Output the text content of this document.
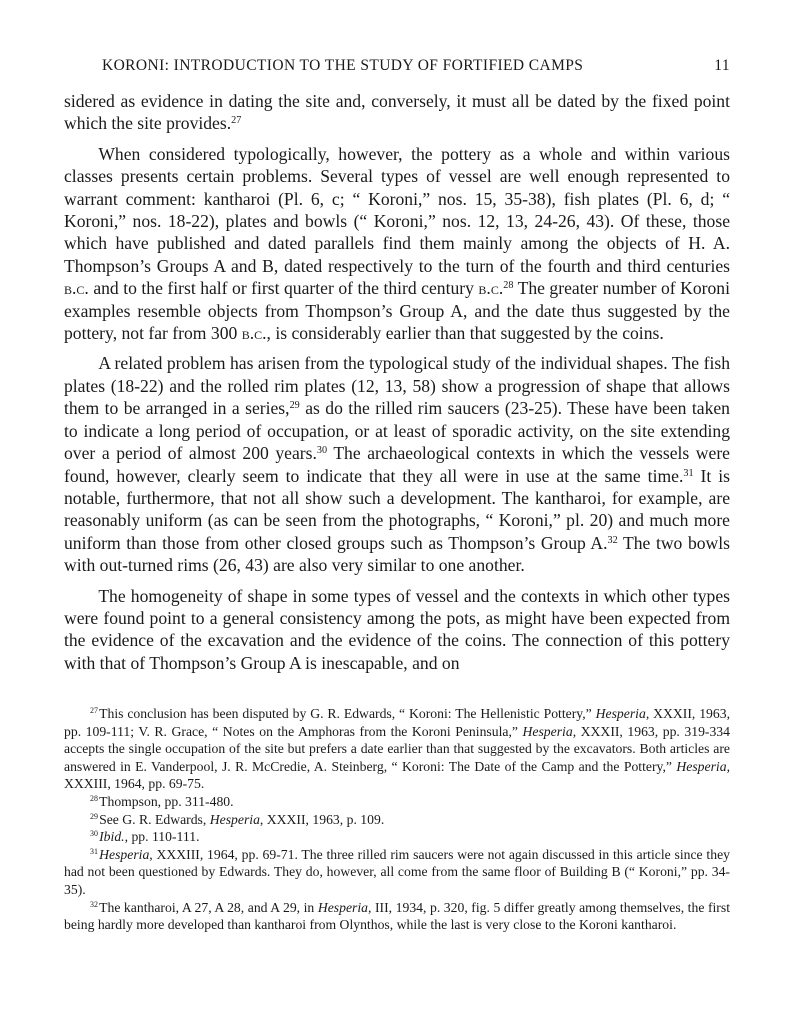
KORONI: INTRODUCTION TO THE STUDY OF FORTIFIED CAMPS	11

sidered as evidence in dating the site and, conversely, it must all be dated by the fixed point which the site provides.$^{27}$

When considered typologically, however, the pottery as a whole and within various classes presents certain problems. Several types of vessel are well enough represented to warrant comment: kantharoi (Pl. 6, c; “ Koroni,” nos. 15, 35-38), fish plates (Pl. 6, d; “ Koroni,” nos. 18-22), plates and bowls (“ Koroni,” nos. 12, 13, 24-26, 43). Of these, those which have published and dated parallels find them mainly among the objects of H. A. Thompson’s Groups A and B, dated respectively to the turn of the fourth and third centuries b.c. and to the first half or first quarter of the third century b.c.$^{28}$ The greater number of Koroni examples resemble objects from Thompson’s Group A, and the date thus suggested by the pottery, not far from 300 b.c., is considerably earlier than that suggested by the coins.

A related problem has arisen from the typological study of the individual shapes. The fish plates (18-22) and the rolled rim plates (12, 13, 58) show a progression of shape that allows them to be arranged in a series,$^{29}$ as do the rilled rim saucers (23-25). These have been taken to indicate a long period of occupation, or at least of sporadic activity, on the site extending over a period of almost 200 years.$^{30}$ The archaeological contexts in which the vessels were found, however, clearly seem to indicate that they all were in use at the same time.$^{31}$ It is notable, furthermore, that not all show such a development. The kantharoi, for example, are reasonably uniform (as can be seen from the photographs, “ Koroni,” pl. 20) and much more uniform than those from other closed groups such as Thompson’s Group A.$^{32}$ The two bowls with out-turned rims (26, 43) are also very similar to one another.

The homogeneity of shape in some types of vessel and the contexts in which other types were found point to a general consistency among the pots, as might have been expected from the evidence of the excavation and the evidence of the coins. The connection of this pottery with that of Thompson’s Group A is inescapable, and on

$^{27}$ This conclusion has been disputed by G. R. Edwards, “ Koroni: The Hellenistic Pottery,” Hesperia, XXXII, 1963, pp. 109-111; V. R. Grace, “ Notes on the Amphoras from the Koroni Peninsula,” Hesperia, XXXII, 1963, pp. 319-334 accepts the single occupation of the site but prefers a date earlier than that suggested by the excavators. Both articles are answered in E. Vanderpool, J. R. McCredie, A. Steinberg, “ Koroni: The Date of the Camp and the Pottery,” Hesperia, XXXIII, 1964, pp. 69-75.

$^{28}$ Thompson, pp. 311-480.

$^{29}$ See G. R. Edwards, Hesperia, XXXII, 1963, p. 109.

$^{30}$ Ibid., pp. 110-111.

$^{31}$ Hesperia, XXXIII, 1964, pp. 69-71. The three rilled rim saucers were not again discussed in this article since they had not been questioned by Edwards. They do, however, all come from the same floor of Building B (“ Koroni,” pp. 34-35).

$^{32}$ The kantharoi, A 27, A 28, and A 29, in Hesperia, III, 1934, p. 320, fig. 5 differ greatly among themselves, the first being hardly more developed than kantharoi from Olynthos, while the last is very close to the Koroni kantharoi.
